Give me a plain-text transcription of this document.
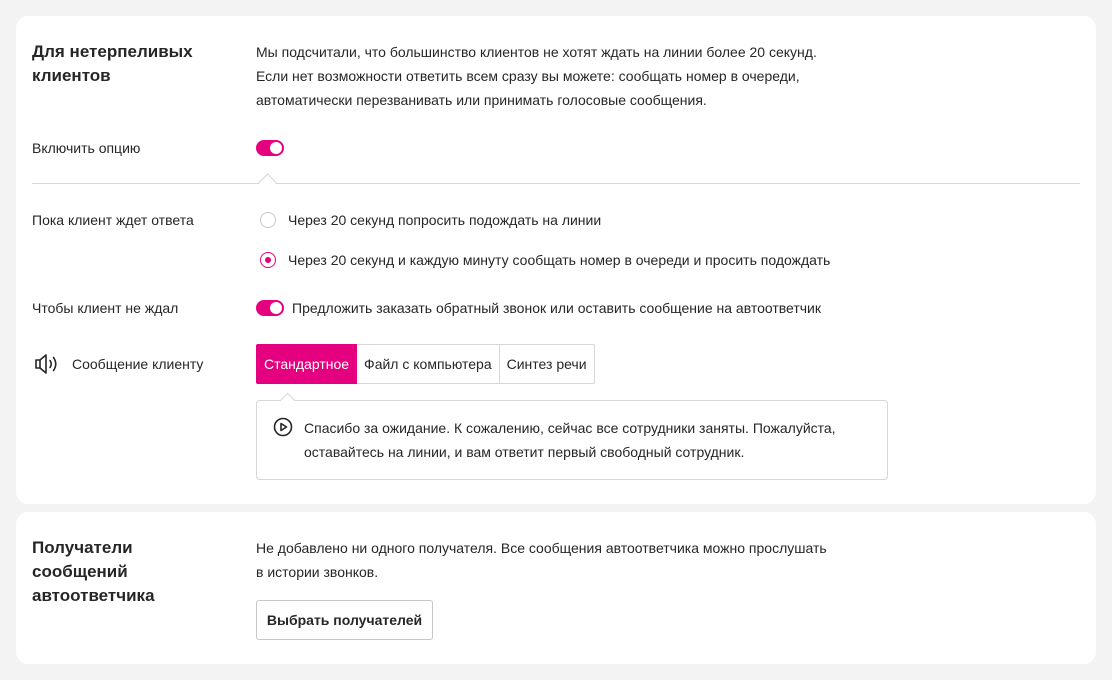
Для нетерпеливых клиентов
Мы подсчитали, что большинство клиентов не хотят ждать на линии более 20 секунд.
Если нет возможности ответить всем сразу вы можете: сообщать номер в очереди,
автоматически перезванивать или принимать голосовые сообщения.
Включить опцию
Пока клиент ждет ответа	Через 20 секунд попросить подождать на линии
Через 20 секунд и каждую минуту сообщать номер в очереди и просить подождать
Чтобы клиент не ждал	Предложить заказать обратный звонок или оставить сообщение на автоответчик
Сообщение клиенту	Стандартное	Файл с компьютера	Синтез речи
Спасибо за ожидание. К сожалению, сейчас все сотрудники заняты. Пожалуйста,
оставайтесь на линии, и вам ответит первый свободный сотрудник.
Получатели сообщений автоответчика
Не добавлено ни одного получателя. Все сообщения автоответчика можно прослушать
в истории звонков.
Выбрать получателей
